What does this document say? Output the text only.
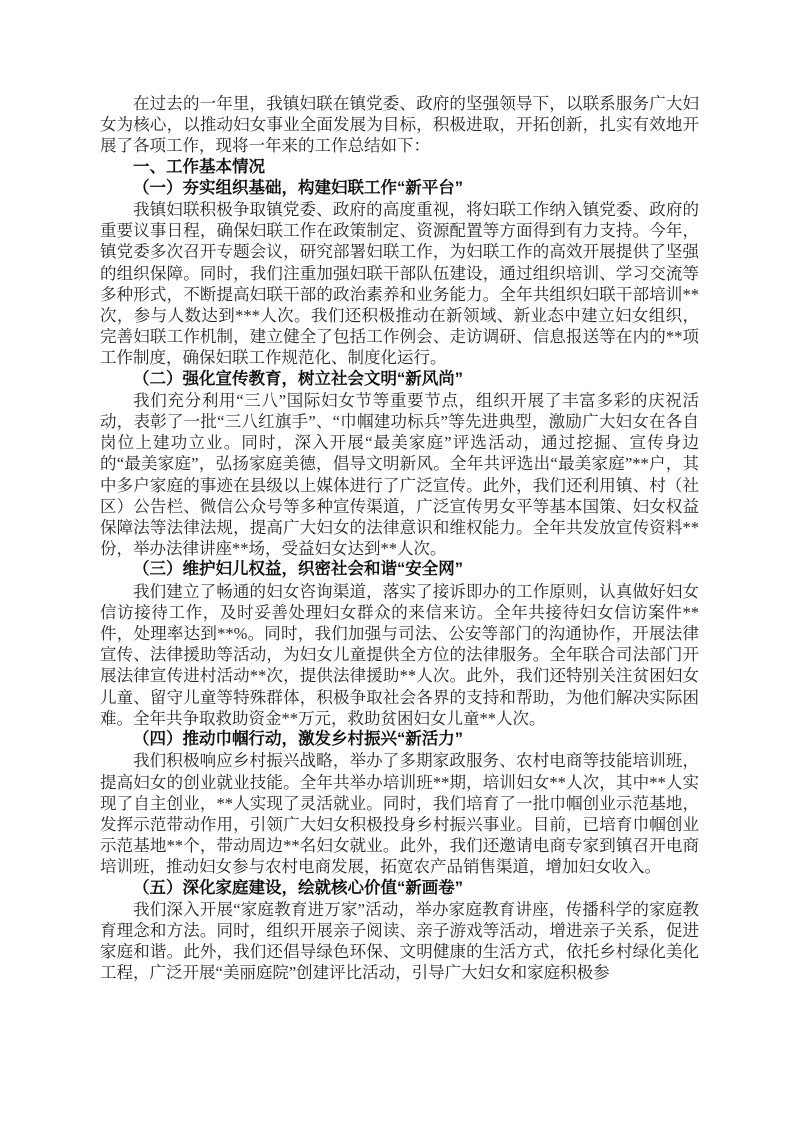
在过去的一年里，我镇妇联在镇党委、政府的坚强领导下，以联系服务广大妇女为核心，以推动妇女事业全面发展为目标，积极进取，开拓创新，扎实有效地开展了各项工作，现将一年来的工作总结如下：

一、工作基本情况

（一）夯实组织基础，构建妇联工作“新平台”

我镇妇联积极争取镇党委、政府的高度重视，将妇联工作纳入镇党委、政府的重要议事日程，确保妇联工作在政策制定、资源配置等方面得到有力支持。今年，镇党委多次召开专题会议，研究部署妇联工作，为妇联工作的高效开展提供了坚强的组织保障。同时，我们注重加强妇联干部队伍建设，通过组织培训、学习交流等多种形式，不断提高妇联干部的政治素养和业务能力。全年共组织妇联干部培训**次，参与人数达到***人次。我们还积极推动在新领域、新业态中建立妇女组织，完善妇联工作机制，建立健全了包括工作例会、走访调研、信息报送等在内的**项工作制度，确保妇联工作规范化、制度化运行。

（二）强化宣传教育，树立社会文明“新风尚”

我们充分利用“三八”国际妇女节等重要节点，组织开展了丰富多彩的庆祝活动，表彰了一批“三八红旗手”、“巾帼建功标兵”等先进典型，激励广大妇女在各自岗位上建功立业。同时，深入开展“最美家庭”评选活动，通过挖掘、宣传身边的“最美家庭”，弘扬家庭美德，倡导文明新风。全年共评选出“最美家庭”**户，其中多户家庭的事迹在县级以上媒体进行了广泛宣传。此外，我们还利用镇、村（社区）公告栏、微信公众号等多种宣传渠道，广泛宣传男女平等基本国策、妇女权益保障法等法律法规，提高广大妇女的法律意识和维权能力。全年共发放宣传资料**份，举办法律讲座**场，受益妇女达到**人次。

（三）维护妇儿权益，织密社会和谐“安全网”

我们建立了畅通的妇女咨询渠道，落实了接诉即办的工作原则，认真做好妇女信访接待工作，及时妥善处理妇女群众的来信来访。全年共接待妇女信访案件**件，处理率达到**%。同时，我们加强与司法、公安等部门的沟通协作，开展法律宣传、法律援助等活动，为妇女儿童提供全方位的法律服务。全年联合司法部门开展法律宣传进村活动**次，提供法律援助**人次。此外，我们还特别关注贫困妇女儿童、留守儿童等特殊群体，积极争取社会各界的支持和帮助，为他们解决实际困难。全年共争取救助资金**万元，救助贫困妇女儿童**人次。

（四）推动巾帼行动，激发乡村振兴“新活力”

我们积极响应乡村振兴战略，举办了多期家政服务、农村电商等技能培训班，提高妇女的创业就业技能。全年共举办培训班**期，培训妇女**人次，其中**人实现了自主创业，**人实现了灵活就业。同时，我们培育了一批巾帼创业示范基地，发挥示范带动作用，引领广大妇女积极投身乡村振兴事业。目前，已培育巾帼创业示范基地**个，带动周边**名妇女就业。此外，我们还邀请电商专家到镇召开电商培训班，推动妇女参与农村电商发展，拓宽农产品销售渠道，增加妇女收入。

（五）深化家庭建设，绘就核心价值“新画卷”

我们深入开展“家庭教育进万家”活动，举办家庭教育讲座，传播科学的家庭教育理念和方法。同时，组织开展亲子阅读、亲子游戏等活动，增进亲子关系，促进家庭和谐。此外，我们还倡导绿色环保、文明健康的生活方式，依托乡村绿化美化工程，广泛开展“美丽庭院”创建评比活动，引导广大妇女和家庭积极参
